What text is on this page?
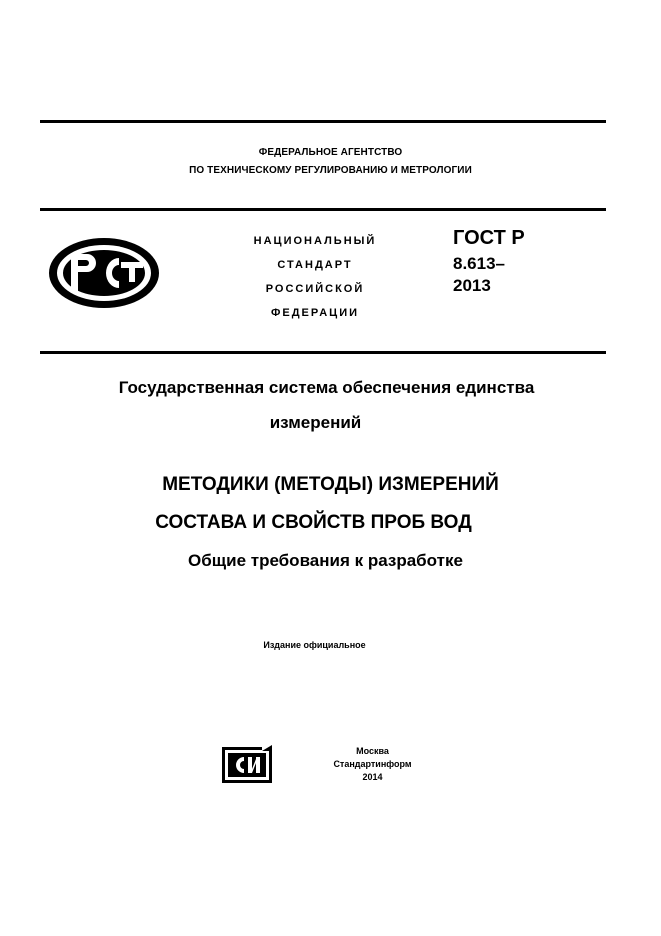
ФЕДЕРАЛЬНОЕ АГЕНТСТВО
ПО ТЕХНИЧЕСКОМУ РЕГУЛИРОВАНИЮ И МЕТРОЛОГИИ
НАЦИОНАЛЬНЫЙ
СТАНДАРТ
РОССИЙСКОЙ
ФЕДЕРАЦИИ
ГОСТ Р
8.613–
2013
Государственная система обеспечения единства
измерений
МЕТОДИКИ (МЕТОДЫ) ИЗМЕРЕНИЙ
СОСТАВА И СВОЙСТВ ПРОБ ВОД
Общие требования к разработке
Издание официальное
Москва
Стандартинформ
2014
